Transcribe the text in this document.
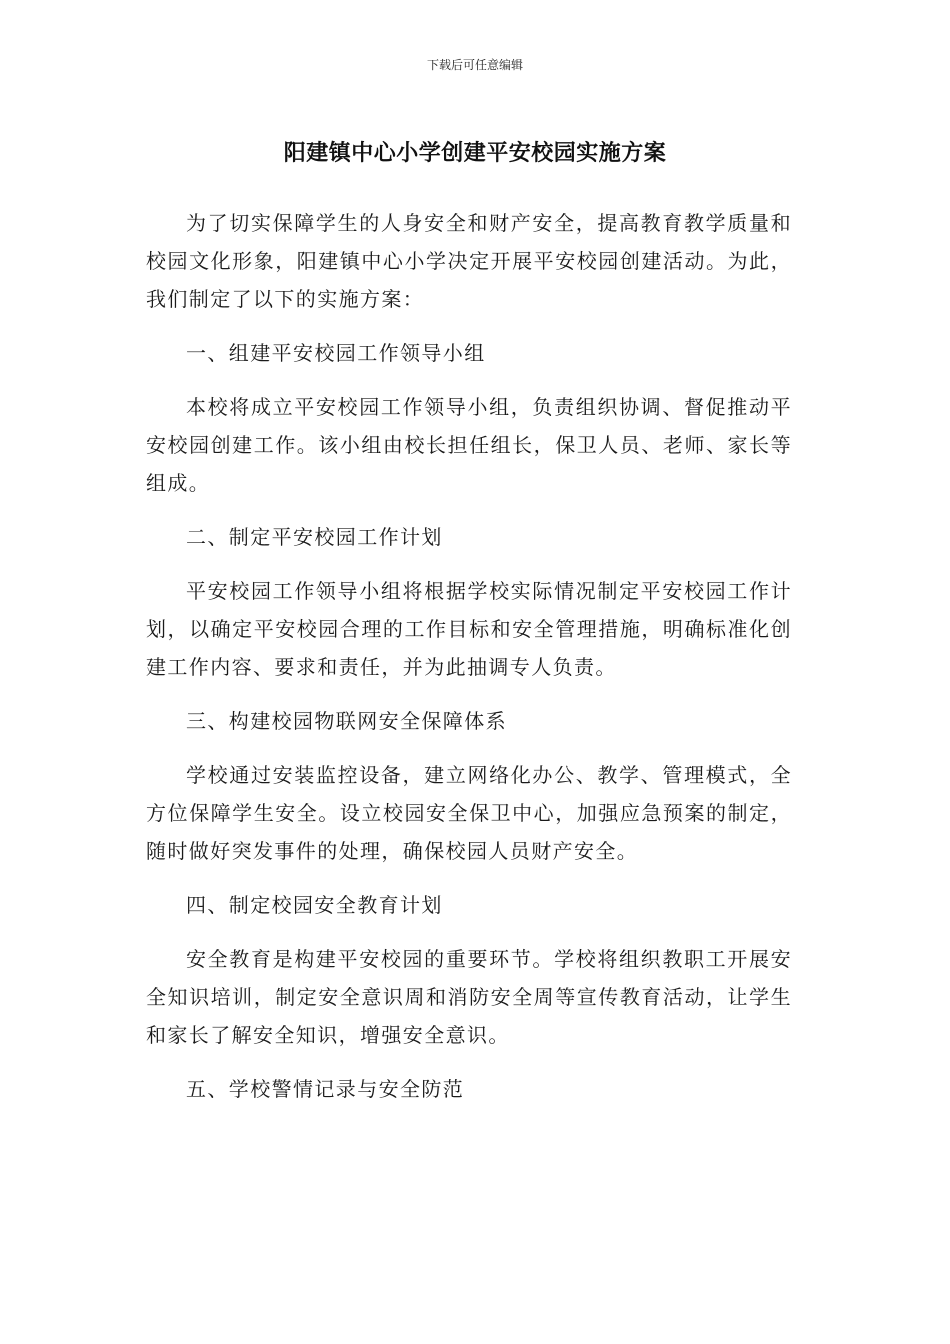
下载后可任意编辑
阳建镇中心小学创建平安校园实施方案

为了切实保障学生的人身安全和财产安全，提高教育教学质量和校园文化形象，阳建镇中心小学决定开展平安校园创建活动。为此，我们制定了以下的实施方案：

一、组建平安校园工作领导小组

本校将成立平安校园工作领导小组，负责组织协调、督促推动平安校园创建工作。该小组由校长担任组长，保卫人员、老师、家长等组成。

二、制定平安校园工作计划

平安校园工作领导小组将根据学校实际情况制定平安校园工作计划，以确定平安校园合理的工作目标和安全管理措施，明确标准化创建工作内容、要求和责任，并为此抽调专人负责。

三、构建校园物联网安全保障体系

学校通过安装监控设备，建立网络化办公、教学、管理模式，全方位保障学生安全。设立校园安全保卫中心，加强应急预案的制定，随时做好突发事件的处理，确保校园人员财产安全。

四、制定校园安全教育计划

安全教育是构建平安校园的重要环节。学校将组织教职工开展安全知识培训，制定安全意识周和消防安全周等宣传教育活动，让学生和家长了解安全知识，增强安全意识。

五、学校警情记录与安全防范
